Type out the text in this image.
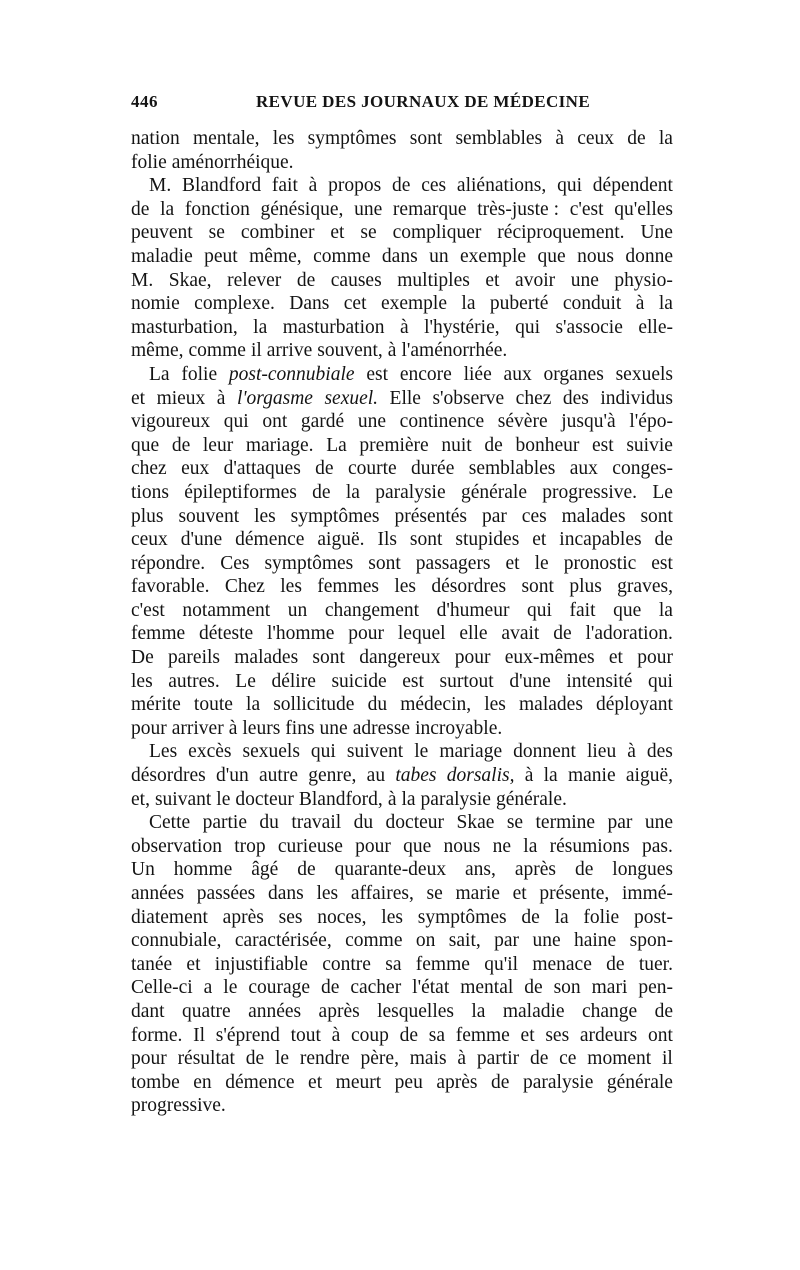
446	REVUE DES JOURNAUX DE MÉDECINE
nation mentale, les symptômes sont semblables à ceux de la
folie aménorrhéique.
M. Blandford fait à propos de ces aliénations, qui dépendent
de la fonction génésique, une remarque très-juste : c'est qu'elles
peuvent se combiner et se compliquer réciproquement. Une
maladie peut même, comme dans un exemple que nous donne
M. Skae, relever de causes multiples et avoir une physio-
nomie complexe. Dans cet exemple la puberté conduit à la
masturbation, la masturbation à l'hystérie, qui s'associe elle-
même, comme il arrive souvent, à l'aménorrhée.
La folie post-connubiale est encore liée aux organes sexuels
et mieux à l'orgasme sexuel. Elle s'observe chez des individus
vigoureux qui ont gardé une continence sévère jusqu'à l'épo-
que de leur mariage. La première nuit de bonheur est suivie
chez eux d'attaques de courte durée semblables aux conges-
tions épileptiformes de la paralysie générale progressive. Le
plus souvent les symptômes présentés par ces malades sont
ceux d'une démence aiguë. Ils sont stupides et incapables de
répondre. Ces symptômes sont passagers et le pronostic est
favorable. Chez les femmes les désordres sont plus graves,
c'est notamment un changement d'humeur qui fait que la
femme déteste l'homme pour lequel elle avait de l'adoration.
De pareils malades sont dangereux pour eux-mêmes et pour
les autres. Le délire suicide est surtout d'une intensité qui
mérite toute la sollicitude du médecin, les malades déployant
pour arriver à leurs fins une adresse incroyable.
Les excès sexuels qui suivent le mariage donnent lieu à des
désordres d'un autre genre, au tabes dorsalis, à la manie aiguë,
et, suivant le docteur Blandford, à la paralysie générale.
Cette partie du travail du docteur Skae se termine par une
observation trop curieuse pour que nous ne la résumions pas.
Un homme âgé de quarante-deux ans, après de longues
années passées dans les affaires, se marie et présente, immé-
diatement après ses noces, les symptômes de la folie post-
connubiale, caractérisée, comme on sait, par une haine spon-
tanée et injustifiable contre sa femme qu'il menace de tuer.
Celle-ci a le courage de cacher l'état mental de son mari pen-
dant quatre années après lesquelles la maladie change de
forme. Il s'éprend tout à coup de sa femme et ses ardeurs ont
pour résultat de le rendre père, mais à partir de ce moment il
tombe en démence et meurt peu après de paralysie générale
progressive.
